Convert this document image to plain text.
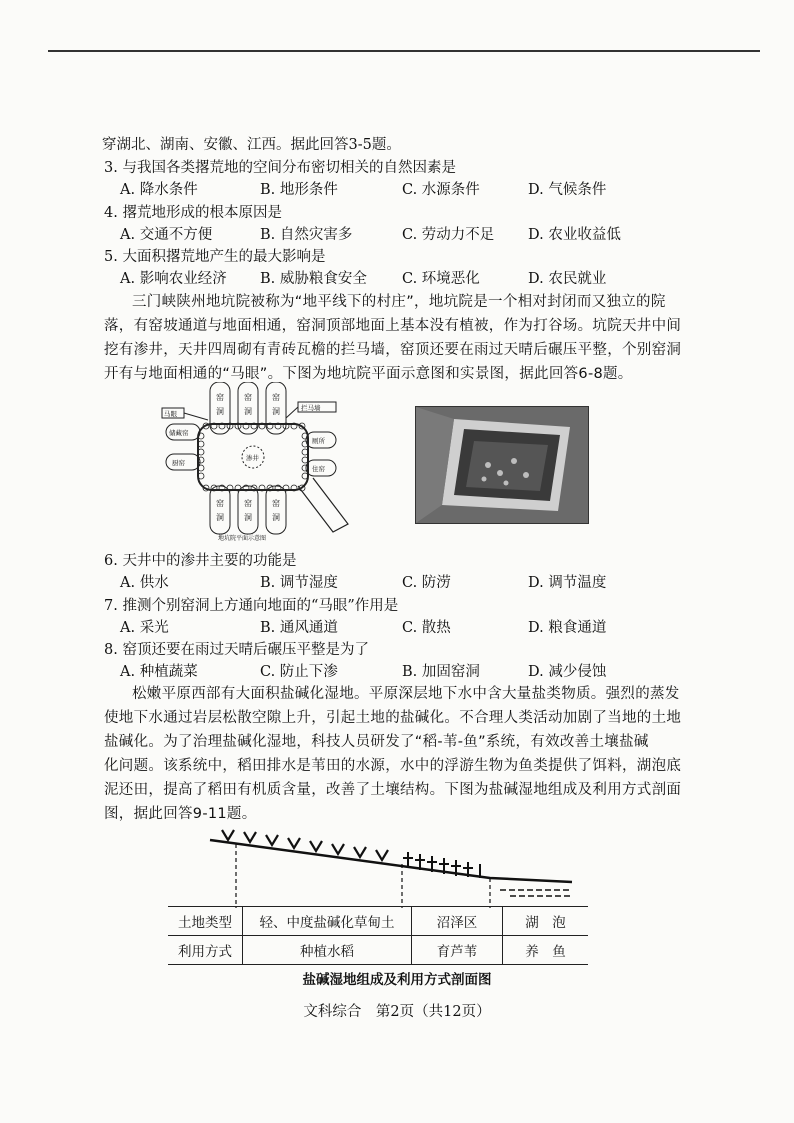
穿湖北、湖南、安徽、江西。据此回答3-5题。
3. 与我国各类撂荒地的空间分布密切相关的自然因素是
A. 降水条件	B. 地形条件	C. 水源条件	D. 气候条件
4. 撂荒地形成的根本原因是
A. 交通不方便	B. 自然灾害多	C. 劳动力不足 D. 农业收益低
5. 大面积撂荒地产生的最大影响是
A. 影响农业经济 B. 威胁粮食安全 C. 环境恶化	D. 农民就业
三门峡陕州地坑院被称为“地平线下的村庄”，地坑院是一个相对封闭而又独立的院
落，有窑坡通道与地面相通，窑洞顶部地面上基本没有植被，作为打谷场。坑院天井中间
挖有渗井，天井四周砌有青砖瓦檐的拦马墙，窑顶还要在雨过天晴后碾压平整，个别窑洞
开有与地面相通的“马眼”。下图为地坑院平面示意图和实景图，据此回答6-8题。
窑
洞
窑
洞
窑
洞
窑
洞
窑
洞
窑
洞
马眼
储藏窑
厨窑
拦马墙
厕所
住窑
渗井
地坑院平面示意图
6. 天井中的渗井主要的功能是
A. 供水	B. 调节湿度	C. 防涝	D. 调节温度
7. 推测个别窑洞上方通向地面的“马眼”作用是
A. 采光	B. 通风通道	C. 散热	D. 粮食通道
8. 窑顶还要在雨过天晴后碾压平整是为了
A. 种植蔬菜	C. 防止下渗	B. 加固窑洞	D. 减少侵蚀
松嫩平原西部有大面积盐碱化湿地。平原深层地下水中含大量盐类物质。强烈的蒸发
使地下水通过岩层松散空隙上升，引起土地的盐碱化。不合理人类活动加剧了当地的土地
盐碱化。为了治理盐碱化湿地，科技人员研发了“稻-苇-鱼”系统，有效改善土壤盐碱
化问题。该系统中，稻田排水是苇田的水源，水中的浮游生物为鱼类提供了饵料，湖泡底
泥还田，提高了稻田有机质含量，改善了土壤结构。下图为盐碱湿地组成及利用方式剖面
图，据此回答9-11题。
土地类型	轻、中度盐碱化草甸土	沼泽区	湖　泡
利用方式	种植水稻	育芦苇	养　鱼
盐碱湿地组成及利用方式剖面图
文科综合　第2页（共12页）
